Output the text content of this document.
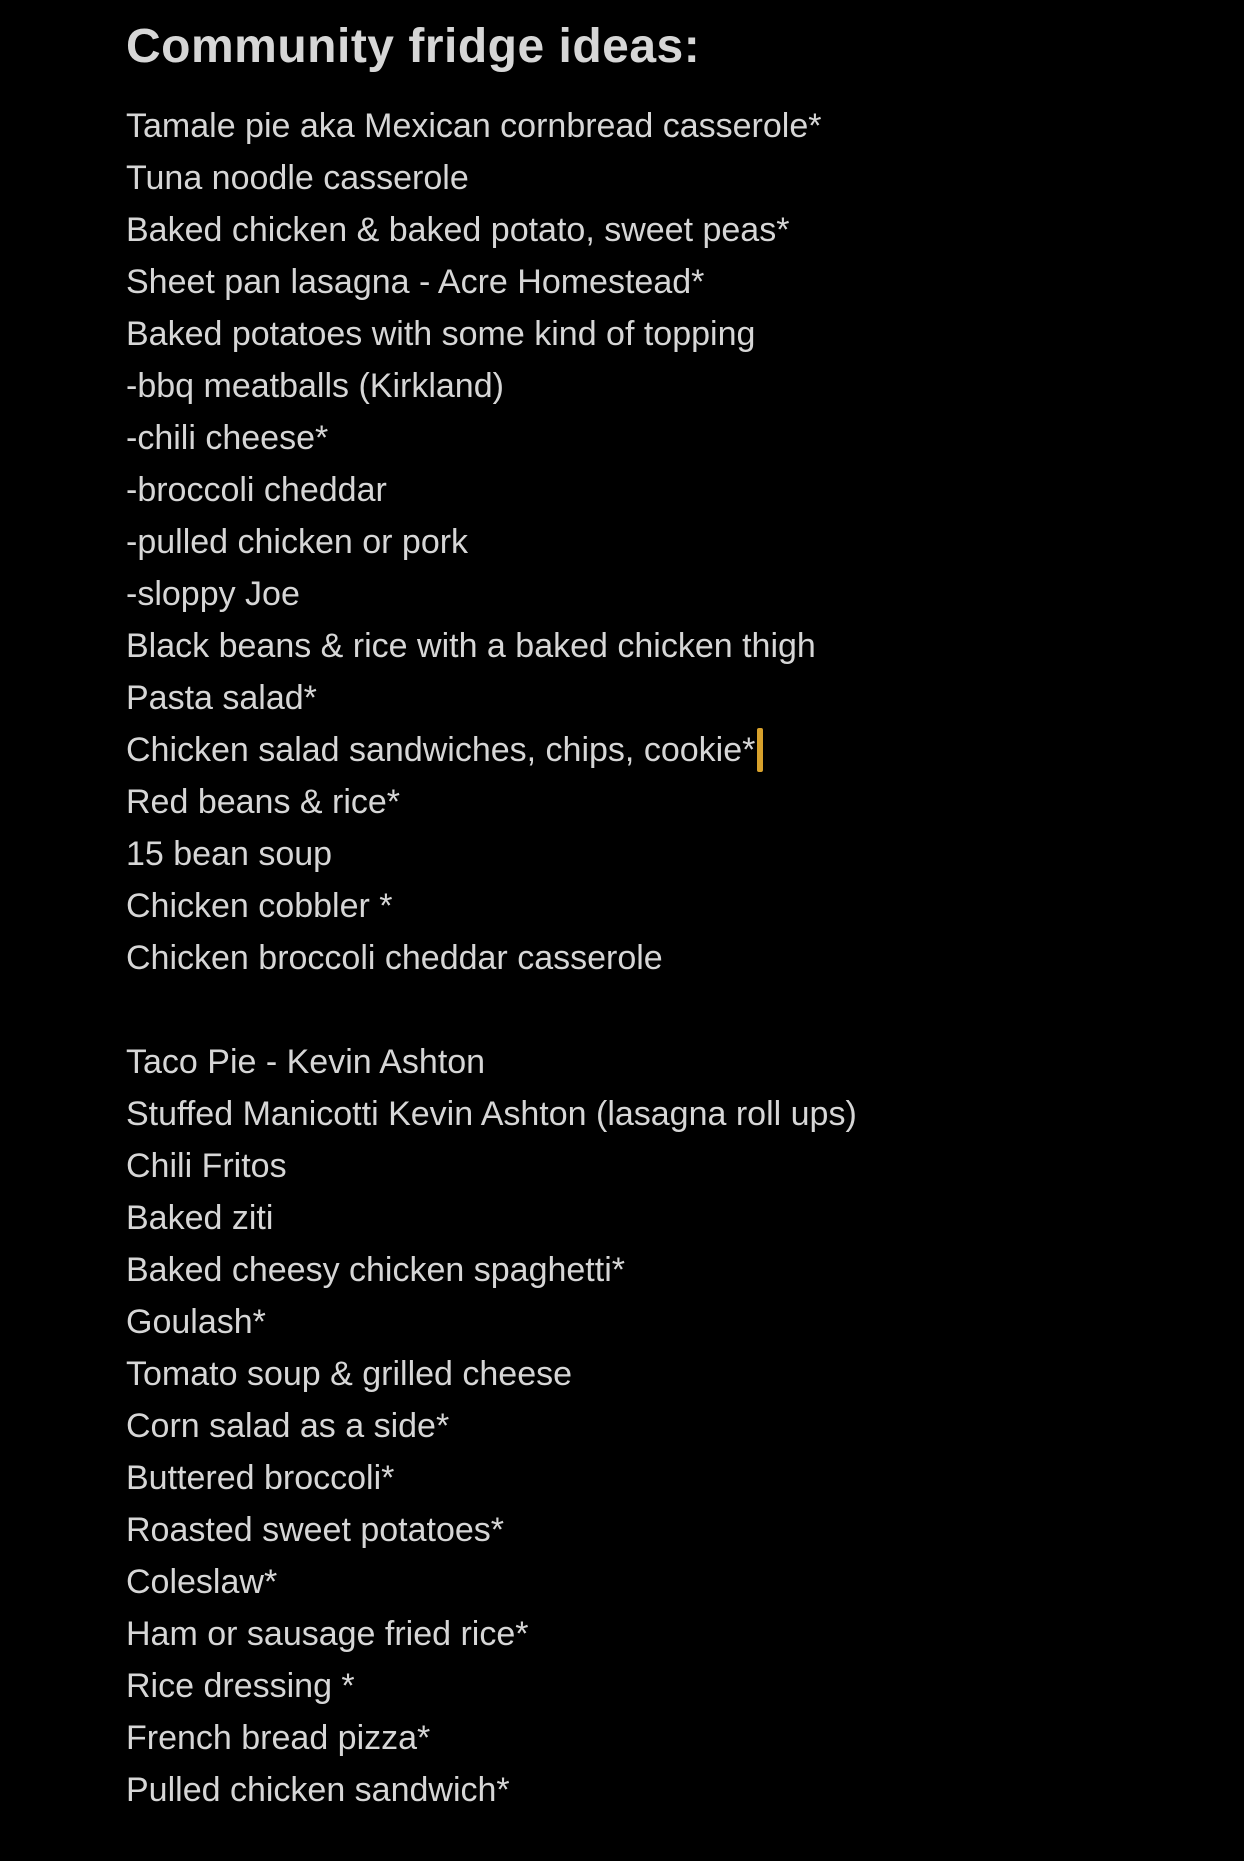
Community fridge ideas:
Tamale pie aka Mexican cornbread casserole*
Tuna noodle casserole
Baked chicken & baked potato, sweet peas*
Sheet pan lasagna - Acre Homestead*
Baked potatoes with some kind of topping
-bbq meatballs (Kirkland)
-chili cheese*
-broccoli cheddar
-pulled chicken or pork
-sloppy Joe
Black beans & rice with a baked chicken thigh
Pasta salad*
Chicken salad sandwiches, chips, cookie*
Red beans & rice*
15 bean soup
Chicken cobbler *
Chicken broccoli cheddar casserole
Taco Pie - Kevin Ashton
Stuffed Manicotti Kevin Ashton (lasagna roll ups)
Chili Fritos
Baked ziti
Baked cheesy chicken spaghetti*
Goulash*
Tomato soup & grilled cheese
Corn salad as a side*
Buttered broccoli*
Roasted sweet potatoes*
Coleslaw*
Ham or sausage fried rice*
Rice dressing *
French bread pizza*
Pulled chicken sandwich*
